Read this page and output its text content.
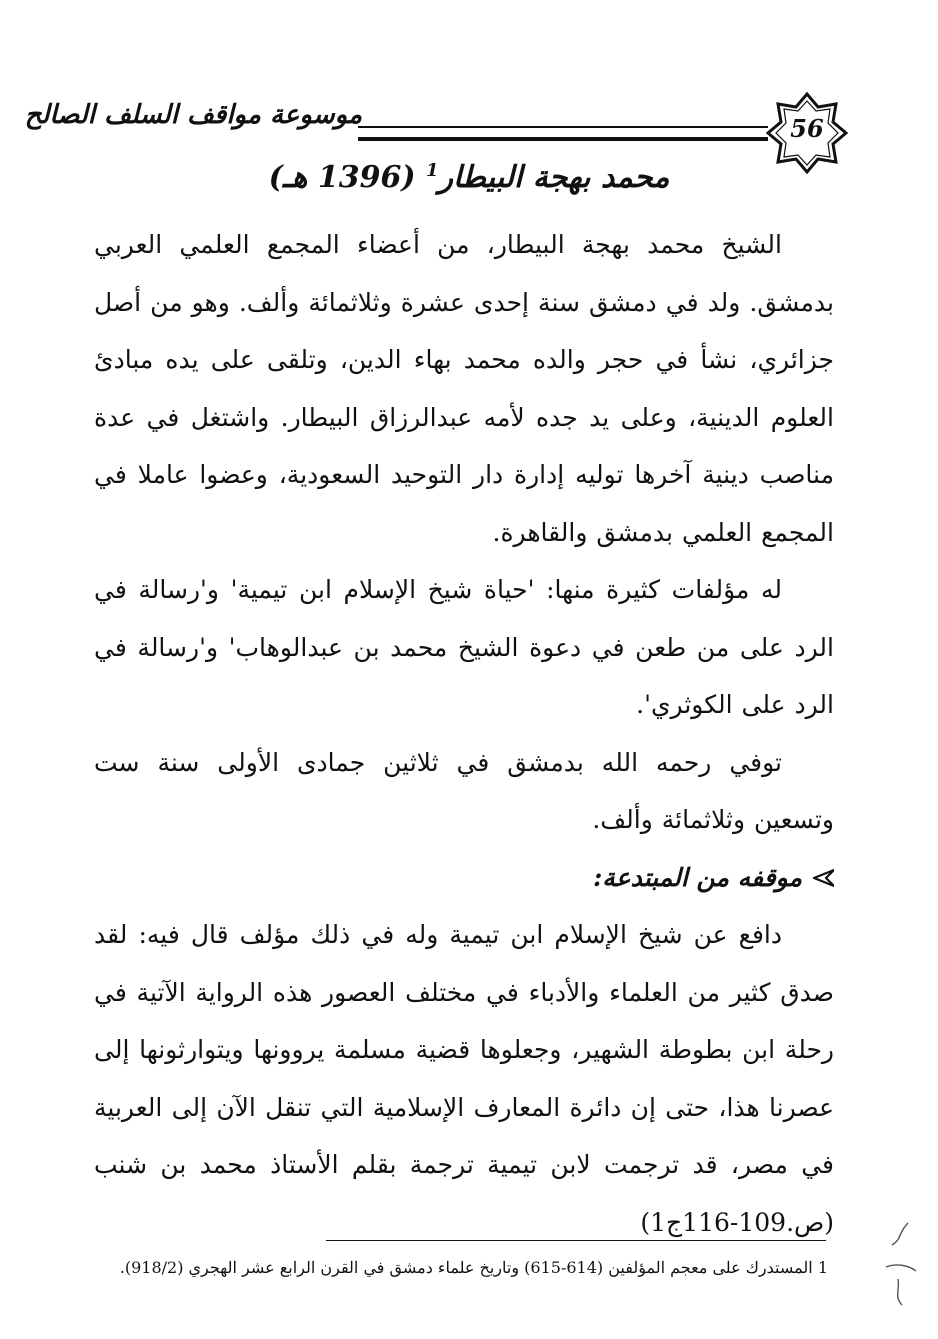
56
موسوعة مواقف السلف الصالح
محمد بهجة البيطار$^1$ (1396 هـ)

الشيخ محمد بهجة البيطار، من أعضاء المجمع العلمي العربي بدمشق. ولد في دمشق سنة إحدى عشرة وثلاثمائة وألف. وهو من أصل جزائري، نشأ في حجر والده محمد بهاء الدين، وتلقى على يده مبادئ العلوم الدينية، وعلى يد جده لأمه عبدالرزاق البيطار. واشتغل في عدة مناصب دينية آخرها توليه إدارة دار التوحيد السعودية، وعضوا عاملا في المجمع العلمي بدمشق والقاهرة.

له مؤلفات كثيرة منها: 'حياة شيخ الإسلام ابن تيمية' و'رسالة في الرد على من طعن في دعوة الشيخ محمد بن عبدالوهاب' و'رسالة في الرد على الكوثري'.

توفي رحمه الله بدمشق في ثلاثين جمادى الأولى سنة ست وتسعين وثلاثمائة وألف.

موقفه من المبتدعة:

دافع عن شيخ الإسلام ابن تيمية وله في ذلك مؤلف قال فيه: لقد صدق كثير من العلماء والأدباء في مختلف العصور هذه الرواية الآتية في رحلة ابن بطوطة الشهير، وجعلوها قضية مسلمة يروونها ويتوارثونها إلى عصرنا هذا، حتى إن دائرة المعارف الإسلامية التي تنقل الآن إلى العربية في مصر، قد ترجمت لابن تيمية ترجمة بقلم الأستاذ محمد بن شنب (ص.109-116ج1)

1 المستدرك على معجم المؤلفين (614-615) وتاريخ علماء دمشق في القرن الرابع عشر الهجري (918/2).
